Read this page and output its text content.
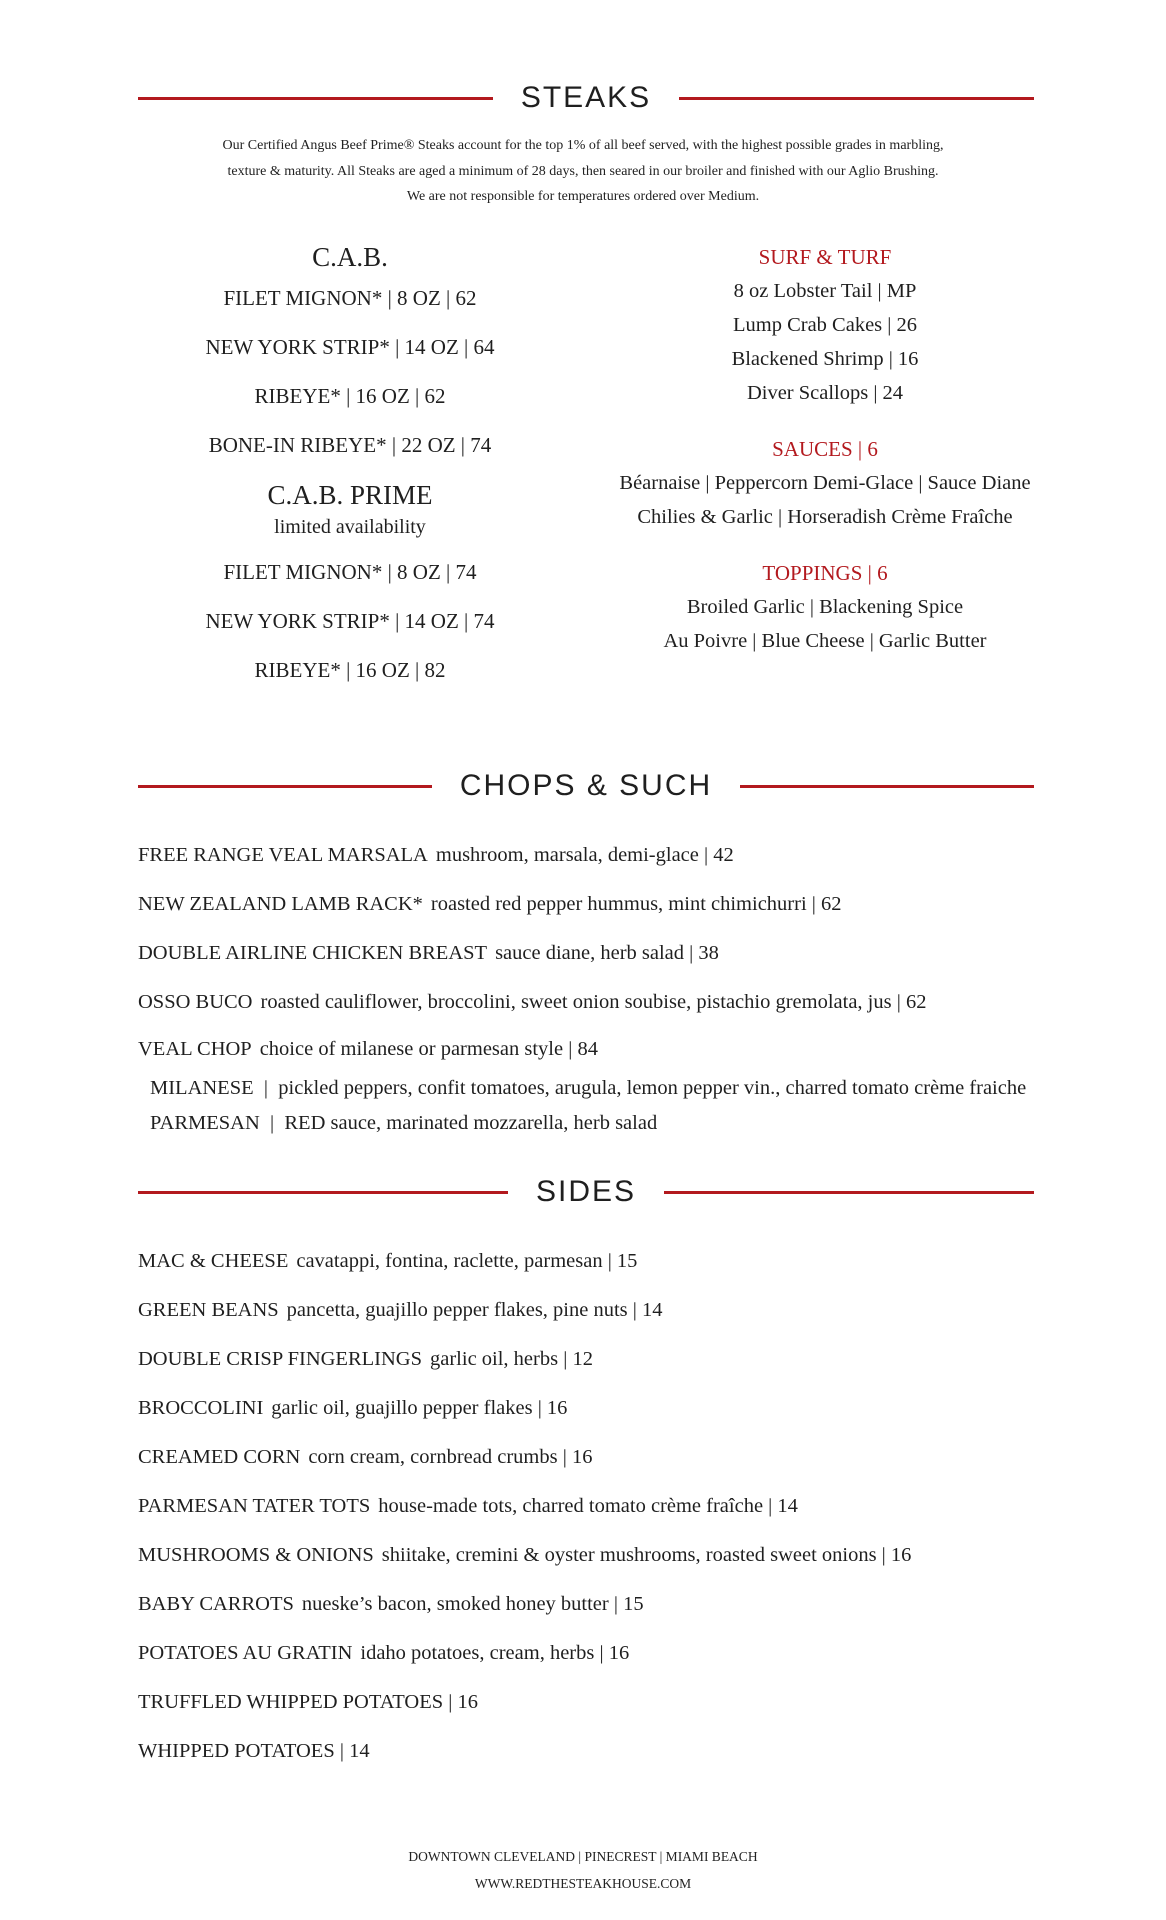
STEAKS
Our Certified Angus Beef Prime® Steaks account for the top 1% of all beef served, with the highest possible grades in marbling,
texture & maturity. All Steaks are aged a minimum of 28 days, then seared in our broiler and finished with our Aglio Brushing.
We are not responsible for temperatures ordered over Medium.
C.A.B.
FILET MIGNON* | 8 OZ | 62
NEW YORK STRIP* | 14 OZ | 64
RIBEYE* | 16 OZ | 62
BONE-IN RIBEYE* | 22 OZ | 74
C.A.B. PRIME
limited availability
FILET MIGNON* | 8 OZ | 74
NEW YORK STRIP* | 14 OZ | 74
RIBEYE* | 16 OZ | 82
SURF & TURF
8 oz Lobster Tail | MP
Lump Crab Cakes | 26
Blackened Shrimp | 16
Diver Scallops | 24
SAUCES | 6
Béarnaise | Peppercorn Demi-Glace | Sauce Diane
Chilies & Garlic | Horseradish Crème Fraîche
TOPPINGS | 6
Broiled Garlic | Blackening Spice
Au Poivre | Blue Cheese | Garlic Butter
CHOPS & SUCH
FREE RANGE VEAL MARSALA mushroom, marsala, demi-glace | 42
NEW ZEALAND LAMB RACK* roasted red pepper hummus, mint chimichurri | 62
DOUBLE AIRLINE CHICKEN BREAST sauce diane, herb salad | 38
OSSO BUCO roasted cauliflower, broccolini, sweet onion soubise, pistachio gremolata, jus | 62
VEAL CHOP choice of milanese or parmesan style | 84
MILANESE  |  pickled peppers, confit tomatoes, arugula, lemon pepper vin., charred tomato crème fraiche
PARMESAN  |  RED sauce, marinated mozzarella, herb salad
SIDES
MAC & CHEESE cavatappi, fontina, raclette, parmesan | 15
GREEN BEANS pancetta, guajillo pepper flakes, pine nuts | 14
DOUBLE CRISP FINGERLINGS garlic oil, herbs | 12
BROCCOLINI garlic oil, guajillo pepper flakes | 16
CREAMED CORN corn cream, cornbread crumbs | 16
PARMESAN TATER TOTS house-made tots, charred tomato crème fraîche | 14
MUSHROOMS & ONIONS shiitake, cremini & oyster mushrooms, roasted sweet onions | 16
BABY CARROTS nueske’s bacon, smoked honey butter | 15
POTATOES AU GRATIN idaho potatoes, cream, herbs | 16
TRUFFLED WHIPPED POTATOES | 16
WHIPPED POTATOES | 14
DOWNTOWN CLEVELAND | PINECREST | MIAMI BEACH
WWW.REDTHESTEAKHOUSE.COM
